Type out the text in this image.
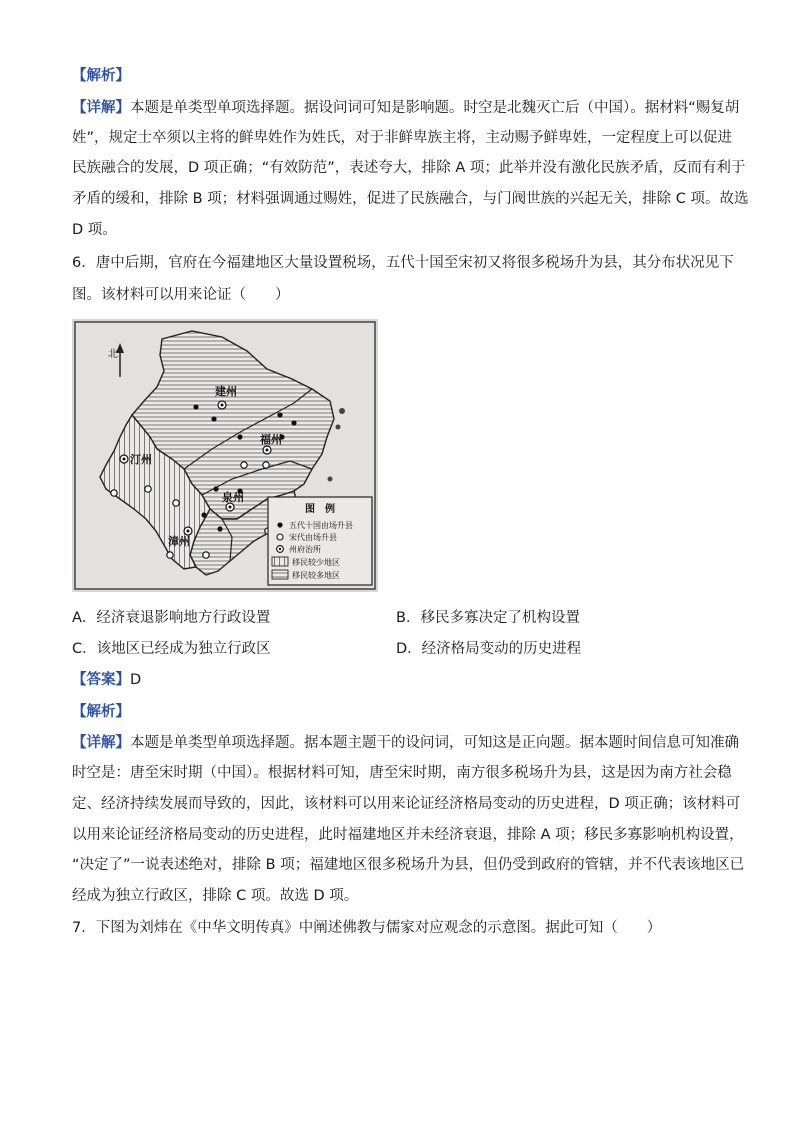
【解析】
【详解】本题是单类型单项选择题。据设问词可知是影响题。时空是北魏灭亡后（中国）。据材料“赐复胡
姓”，规定士卒须以主将的鲜卑姓作为姓氏，对于非鲜卑族主将，主动赐予鲜卑姓，一定程度上可以促进
民族融合的发展，D 项正确；“有效防范”，表述夸大，排除 A 项；此举并没有激化民族矛盾，反而有利于
矛盾的缓和，排除 B 项；材料强调通过赐姓，促进了民族融合，与门阀世族的兴起无关，排除 C 项。故选
D 项。
6．唐中后期，官府在今福建地区大量设置税场，五代十国至宋初又将很多税场升为县，其分布状况见下
图。该材料可以用来论证（　　）
北
建州
福州
汀州
泉州
漳州
图　例
五代十国由场升县
宋代由场升县
州府治所
移民较少地区
移民较多地区
A．经济衰退影响地方行政设置	B．移民多寡决定了机构设置
C．该地区已经成为独立行政区	D．经济格局变动的历史进程
【答案】D
【解析】
【详解】本题是单类型单项选择题。据本题主题干的设问词，可知这是正向题。据本题时间信息可知准确
时空是：唐至宋时期（中国）。根据材料可知，唐至宋时期，南方很多税场升为县，这是因为南方社会稳
定、经济持续发展而导致的，因此，该材料可以用来论证经济格局变动的历史进程，D 项正确；该材料可
以用来论证经济格局变动的历史进程，此时福建地区并未经济衰退，排除 A 项；移民多寡影响机构设置，
“决定了”一说表述绝对，排除 B 项；福建地区很多税场升为县，但仍受到政府的管辖，并不代表该地区已
经成为独立行政区，排除 C 项。故选 D 项。
7．下图为刘炜在《中华文明传真》中阐述佛教与儒家对应观念的示意图。据此可知（　　）
